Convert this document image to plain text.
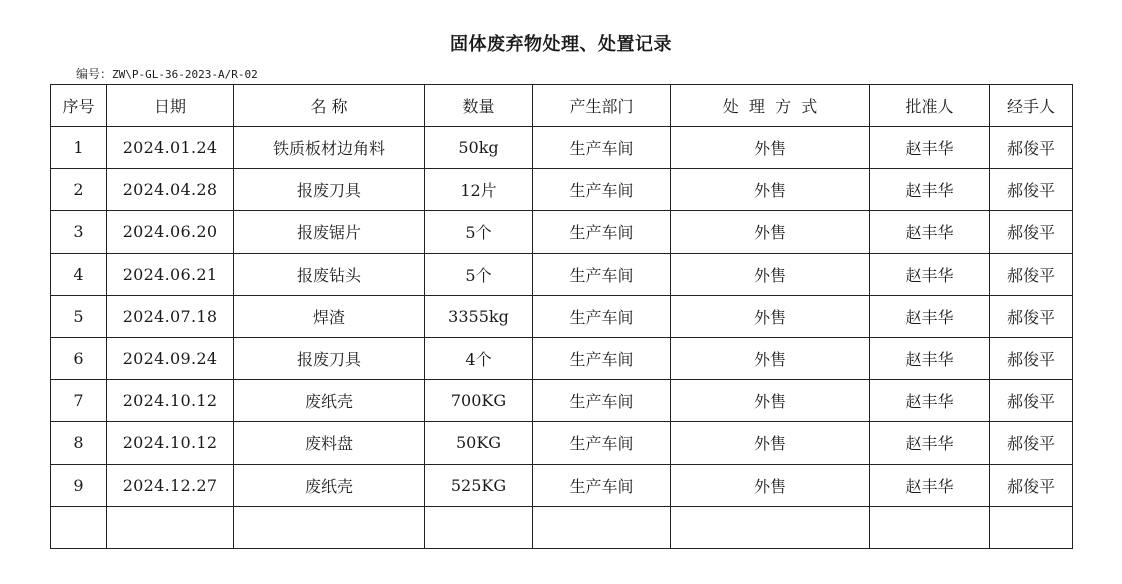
固体废弃物处理、处置记录
编号：ZW\P-GL-36-2023-A/R-02
序号	日期	名 称	数量	产生部门	处  理  方  式	批准人	经手人
1	2024.01.24	铁质板材边角料	50kg	生产车间	外售	赵丰华	郝俊平
2	2024.04.28	报废刀具	12片	生产车间	外售	赵丰华	郝俊平
3	2024.06.20	报废锯片	5个	生产车间	外售	赵丰华	郝俊平
4	2024.06.21	报废钻头	5个	生产车间	外售	赵丰华	郝俊平
5	2024.07.18	焊渣	3355kg	生产车间	外售	赵丰华	郝俊平
6	2024.09.24	报废刀具	4个	生产车间	外售	赵丰华	郝俊平
7	2024.10.12	废纸壳	700KG	生产车间	外售	赵丰华	郝俊平
8	2024.10.12	废料盘	50KG	生产车间	外售	赵丰华	郝俊平
9	2024.12.27	废纸壳	525KG	生产车间	外售	赵丰华	郝俊平
